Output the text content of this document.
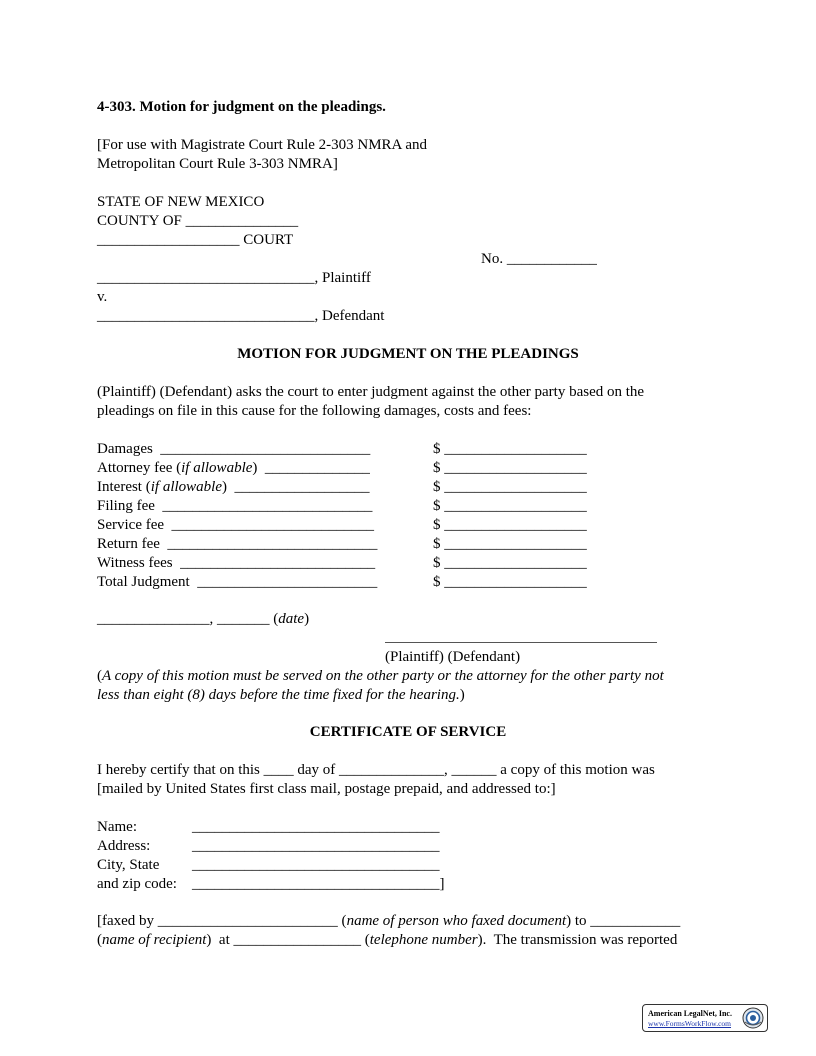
4-303. Motion for judgment on the pleadings.
[For use with Magistrate Court Rule 2-303 NMRA and
Metropolitan Court Rule 3-303 NMRA]
STATE OF NEW MEXICO
COUNTY OF _______________
___________________ COURT
No. ____________
_____________________________, Plaintiff
v.
_____________________________, Defendant
MOTION FOR JUDGMENT ON THE PLEADINGS
(Plaintiff) (Defendant) asks the court to enter judgment against the other party based on the
pleadings on file in this cause for the following damages, costs and fees:
Damages  ____________________________	$ ___________________
Attorney fee (if allowable)  ______________	$ ___________________
Interest (if allowable)  __________________	$ ___________________
Filing fee  ____________________________	$ ___________________
Service fee  ___________________________	$ ___________________
Return fee  ____________________________	$ ___________________
Witness fees  __________________________	$ ___________________
Total Judgment  ________________________	$ ___________________
_______________, _______ (date)
(Plaintiff) (Defendant)
(A copy of this motion must be served on the other party or the attorney for the other party not
less than eight (8) days before the time fixed for the hearing.)
CERTIFICATE OF SERVICE
I hereby certify that on this ____ day of ______________, ______ a copy of this motion was
[mailed by United States first class mail, postage prepaid, and addressed to:]
Name:	_________________________________
Address:	_________________________________
City, State _________________________________
and zip code: _________________________________]
[faxed by ________________________ (name of person who faxed document) to ____________
(name of recipient)  at _________________ (telephone number).  The transmission was reported
American LegalNet, Inc.
www.FormsWorkFlow.com
